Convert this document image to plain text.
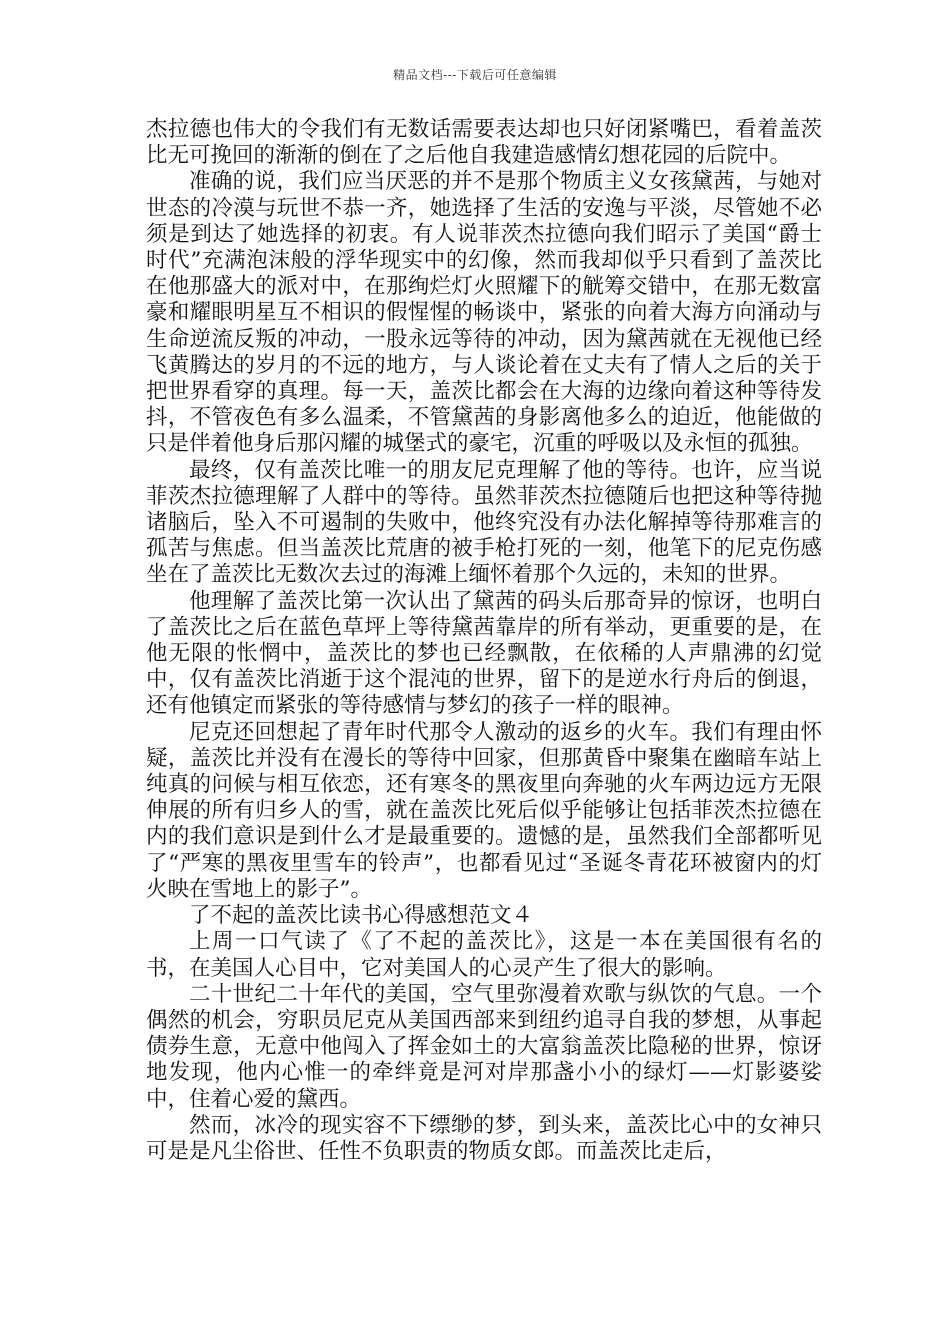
精品文档---下载后可任意编辑

杰拉德也伟大的令我们有无数话需要表达却也只好闭紧嘴巴，看着盖茨比无可挽回的渐渐的倒在了之后他自我建造感情幻想花园的后院中。

准确的说，我们应当厌恶的并不是那个物质主义女孩黛茜，与她对世态的冷漠与玩世不恭一齐，她选择了生活的安逸与平淡，尽管她不必须是到达了她选择的初衷。有人说菲茨杰拉德向我们昭示了美国“爵士时代”充满泡沫般的浮华现实中的幻像，然而我却似乎只看到了盖茨比在他那盛大的派对中，在那绚烂灯火照耀下的觥筹交错中，在那无数富豪和耀眼明星互不相识的假惺惺的畅谈中，紧张的向着大海方向涌动与生命逆流反叛的冲动，一股永远等待的冲动，因为黛茜就在无视他已经飞黄腾达的岁月的不远的地方，与人谈论着在丈夫有了情人之后的关于把世界看穿的真理。每一天，盖茨比都会在大海的边缘向着这种等待发抖，不管夜色有多么温柔，不管黛茜的身影离他多么的迫近，他能做的只是伴着他身后那闪耀的城堡式的豪宅，沉重的呼吸以及永恒的孤独。

最终，仅有盖茨比唯一的朋友尼克理解了他的等待。也许，应当说菲茨杰拉德理解了人群中的等待。虽然菲茨杰拉德随后也把这种等待抛诸脑后，坠入不可遏制的失败中，他终究没有办法化解掉等待那难言的孤苦与焦虑。但当盖茨比荒唐的被手枪打死的一刻，他笔下的尼克伤感坐在了盖茨比无数次去过的海滩上缅怀着那个久远的，未知的世界。

他理解了盖茨比第一次认出了黛茜的码头后那奇异的惊讶，也明白了盖茨比之后在蓝色草坪上等待黛茜靠岸的所有举动，更重要的是，在他无限的怅惘中，盖茨比的梦也已经飘散，在依稀的人声鼎沸的幻觉中，仅有盖茨比消逝于这个混沌的世界，留下的是逆水行舟后的倒退，还有他镇定而紧张的等待感情与梦幻的孩子一样的眼神。

尼克还回想起了青年时代那令人激动的返乡的火车。我们有理由怀疑，盖茨比并没有在漫长的等待中回家，但那黄昏中聚集在幽暗车站上纯真的问候与相互依恋，还有寒冬的黑夜里向奔驰的火车两边远方无限伸展的所有归乡人的雪，就在盖茨比死后似乎能够让包括菲茨杰拉德在内的我们意识是到什么才是最重要的。遗憾的是，虽然我们全部都听见了“严寒的黑夜里雪车的铃声”，也都看见过“圣诞冬青花环被窗内的灯火映在雪地上的影子”。

了不起的盖茨比读书心得感想范文４

上周一口气读了《了不起的盖茨比》，这是一本在美国很有名的书，在美国人心目中，它对美国人的心灵产生了很大的影响。

二十世纪二十年代的美国，空气里弥漫着欢歌与纵饮的气息。一个偶然的机会，穷职员尼克从美国西部来到纽约追寻自我的梦想，从事起债券生意，无意中他闯入了挥金如土的大富翁盖茨比隐秘的世界，惊讶地发现，他内心惟一的牵绊竟是河对岸那盏小小的绿灯——灯影婆娑中，住着心爱的黛西。

然而，冰冷的现实容不下缥缈的梦，到头来，盖茨比心中的女神只可是是凡尘俗世、任性不负职责的物质女郎。而盖茨比走后，
